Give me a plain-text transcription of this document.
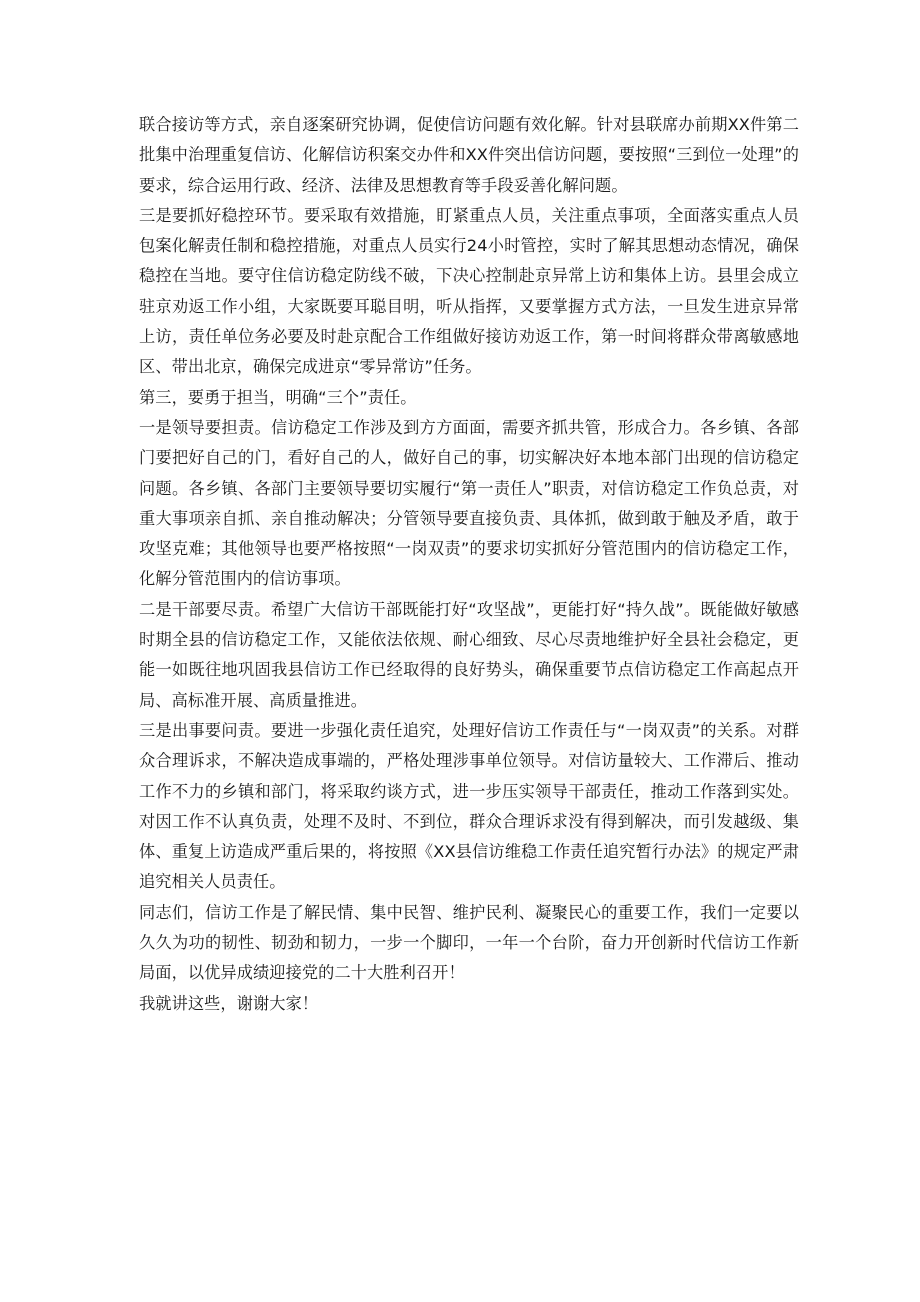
联合接访等方式，亲自逐案研究协调，促使信访问题有效化解。针对县联席办前期XX件第二批集中治理重复信访、化解信访积案交办件和XX件突出信访问题，要按照“三到位一处理”的要求，综合运用行政、经济、法律及思想教育等手段妥善化解问题。

三是要抓好稳控环节。要采取有效措施，盯紧重点人员，关注重点事项，全面落实重点人员包案化解责任制和稳控措施，对重点人员实行24小时管控，实时了解其思想动态情况，确保稳控在当地。要守住信访稳定防线不破，下决心控制赴京异常上访和集体上访。县里会成立驻京劝返工作小组，大家既要耳聪目明，听从指挥，又要掌握方式方法，一旦发生进京异常上访，责任单位务必要及时赴京配合工作组做好接访劝返工作，第一时间将群众带离敏感地区、带出北京，确保完成进京“零异常访”任务。

第三，要勇于担当，明确“三个”责任。

一是领导要担责。信访稳定工作涉及到方方面面，需要齐抓共管，形成合力。各乡镇、各部门要把好自己的门，看好自己的人，做好自己的事，切实解决好本地本部门出现的信访稳定问题。各乡镇、各部门主要领导要切实履行“第一责任人”职责，对信访稳定工作负总责，对重大事项亲自抓、亲自推动解决；分管领导要直接负责、具体抓，做到敢于触及矛盾，敢于攻坚克难；其他领导也要严格按照“一岗双责”的要求切实抓好分管范围内的信访稳定工作，化解分管范围内的信访事项。

二是干部要尽责。希望广大信访干部既能打好“攻坚战”，更能打好“持久战”。既能做好敏感时期全县的信访稳定工作，又能依法依规、耐心细致、尽心尽责地维护好全县社会稳定，更能一如既往地巩固我县信访工作已经取得的良好势头，确保重要节点信访稳定工作高起点开局、高标准开展、高质量推进。

三是出事要问责。要进一步强化责任追究，处理好信访工作责任与“一岗双责”的关系。对群众合理诉求，不解决造成事端的，严格处理涉事单位领导。对信访量较大、工作滞后、推动工作不力的乡镇和部门，将采取约谈方式，进一步压实领导干部责任，推动工作落到实处。对因工作不认真负责，处理不及时、不到位，群众合理诉求没有得到解决，而引发越级、集体、重复上访造成严重后果的，将按照《XX县信访维稳工作责任追究暂行办法》的规定严肃追究相关人员责任。

同志们，信访工作是了解民情、集中民智、维护民利、凝聚民心的重要工作，我们一定要以久久为功的韧性、韧劲和韧力，一步一个脚印，一年一个台阶，奋力开创新时代信访工作新局面，以优异成绩迎接党的二十大胜利召开！

我就讲这些，谢谢大家！
